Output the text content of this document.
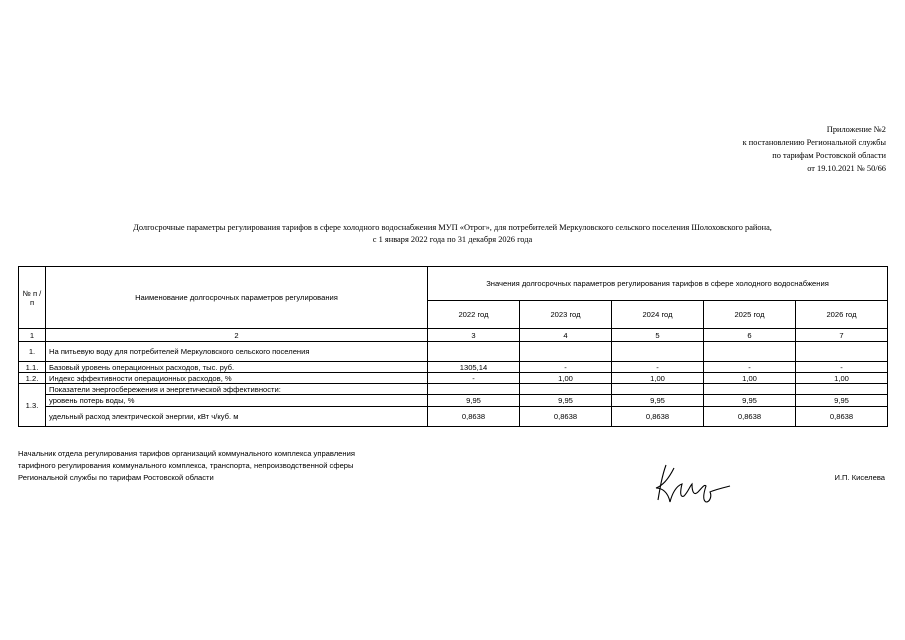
Приложение №2
к постановлению Региональной службы
по тарифам Ростовской области
от 19.10.2021 № 50/66
Долгосрочные параметры регулирования тарифов в сфере холодного водоснабжения МУП «Отрог», для потребителей Меркуловского сельского поселения Шолоховского района,
с 1 января 2022 года по 31 декабря 2026 года
№ п /п	Наименование долгосрочных параметров регулирования	Значения долгосрочных параметров регулирования тарифов в сфере холодного водоснабжения				
		2022 год	2023 год	2024 год	2025 год	2026 год
1	2	3	4	5	6	7
1.	На питьевую воду для потребителей Меркуловского сельского поселения					
1.1.	Базовый уровень операционных расходов, тыс. руб.	1305,14	-	-	-	-
1.2.	Индекс эффективности операционных расходов, %	-	1,00	1,00	1,00	1,00
1.3.	Показатели энергосбережения и энергетической эффективности:					
	уровень потерь воды, %	9,95	9,95	9,95	9,95	9,95
	удельный расход электрической энергии, кВт ч/куб. м	0,8638	0,8638	0,8638	0,8638	0,8638
Начальник отдела регулирования тарифов организаций коммунального комплекса управления
тарифного регулирования коммунального комплекса, транспорта, непроизводственной сферы
Региональной службы по тарифам Ростовской области	И.П. Киселева
